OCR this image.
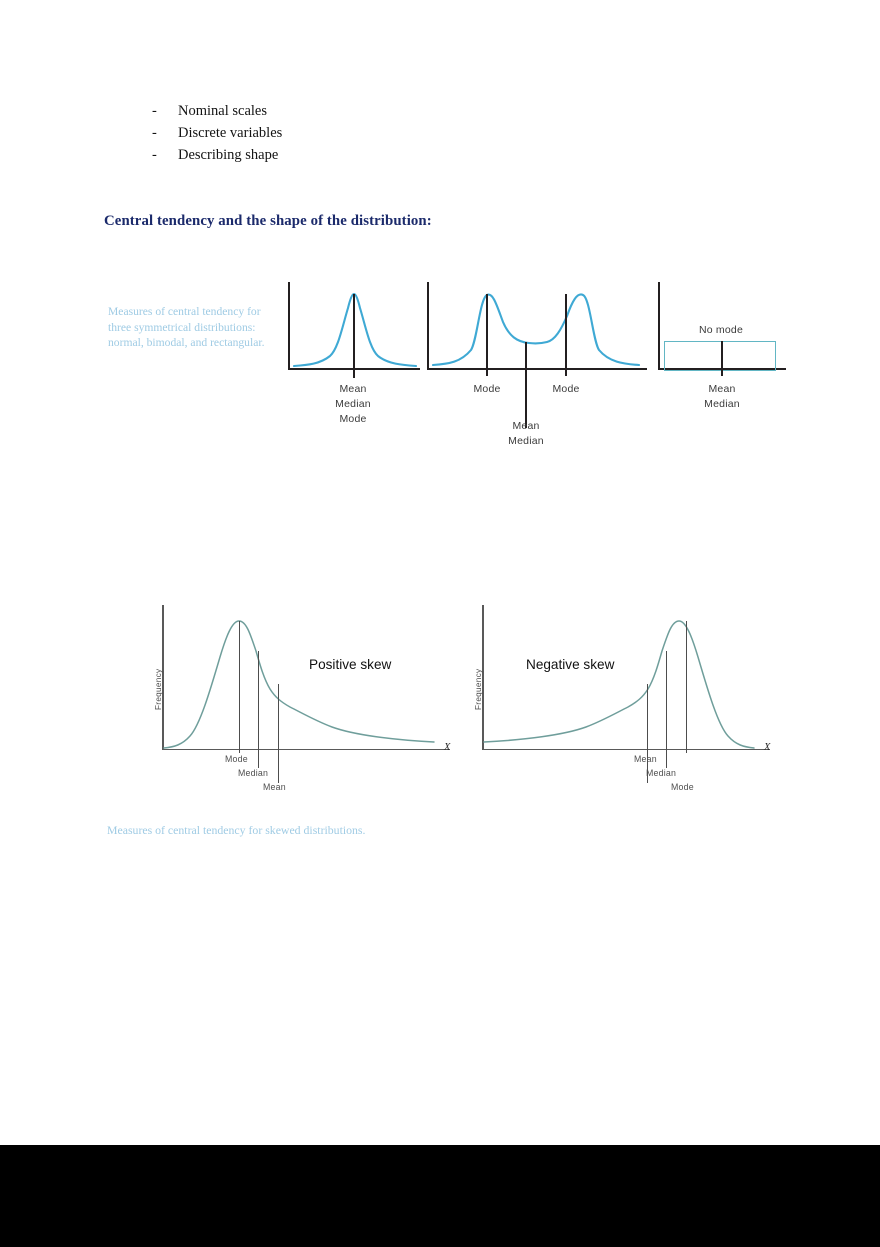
-	Nominal scales
-	Discrete variables
-	Describing shape
Central tendency and the shape of the distribution:
Measures of central tendency for three symmetrical distributions: normal, bimodal, and rectangular.
Mean
Median
Mode
Mode	Mode
Mean
Median
No mode
Mean
Median
Frequency
X
Positive skew
Mode
Median
Mean
Frequency
X
Negative skew
Mean
Median
Mode
Measures of central tendency for skewed distributions.
